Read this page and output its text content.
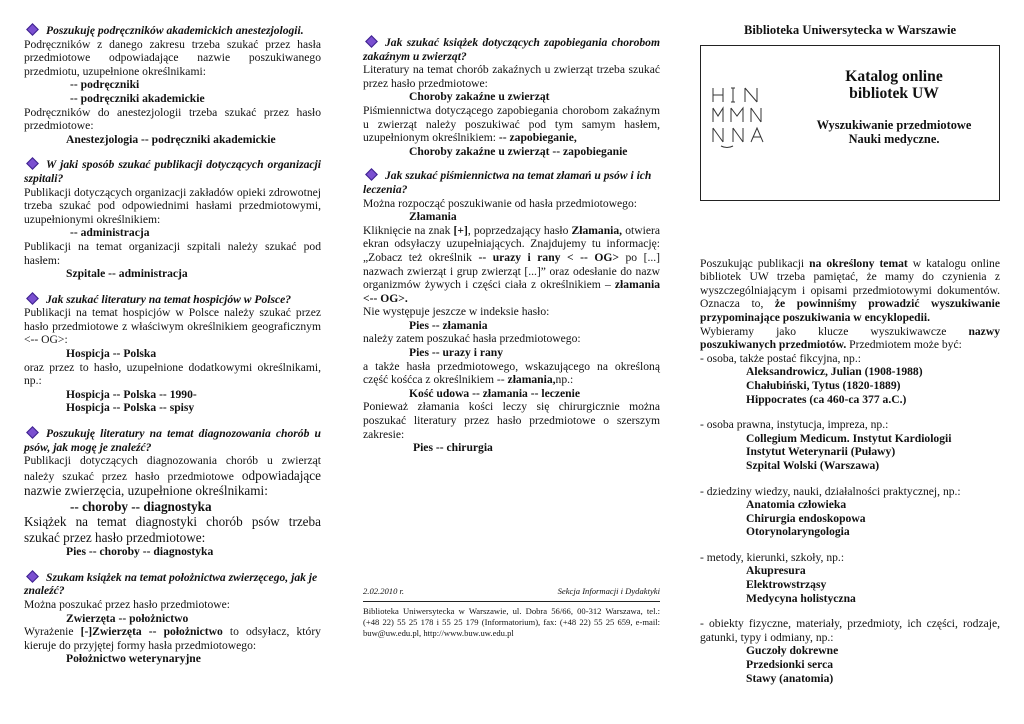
Poszukuję podręczników akademickich anestezjologii.
Podręczników z danego zakresu trzeba szukać przez hasła przedmiotowe odpowiadające nazwie poszukiwanego przedmiotu, uzupełnione określnikami:
-- podręczniki
-- podręczniki akademickie
Podręczników do anestezjologii trzeba szukać przez hasło przedmiotowe:
Anestezjologia -- podręczniki akademickie
W jaki sposób szukać publikacji dotyczących organizacji szpitali?
Publikacji dotyczących organizacji zakładów opieki zdrowotnej trzeba szukać pod odpowiednimi hasłami przedmiotowymi, uzupełnionymi określnikiem:
-- administracja
Publikacji na temat organizacji szpitali należy szukać pod hasłem:
Szpitale -- administracja
Jak szukać literatury na temat hospicjów w Polsce?
Publikacji na temat hospicjów w Polsce należy szukać przez hasło przedmiotowe z właściwym określnikiem geograficznym <-- OG>:
Hospicja -- Polska
oraz przez to hasło, uzupełnione dodatkowymi określnikami, np.:
Hospicja -- Polska -- 1990-
Hospicja -- Polska -- spisy
Poszukuję literatury na temat diagnozowania chorób u psów, jak mogę je znaleźć?
Publikacji dotyczących diagnozowania chorób u zwierząt należy szukać przez hasło przedmiotowe odpowiadające nazwie zwierzęcia, uzupełnione określnikami:
-- choroby -- diagnostyka
Książek na temat diagnostyki chorób psów trzeba szukać przez hasło przedmiotowe:
Pies -- choroby -- diagnostyka
Szukam książek na temat położnictwa zwierzęcego, jak je znaleźć?
Można poszukać przez hasło przedmiotowe:
Zwierzęta -- położnictwo
Wyrażenie [-]Zwierzęta -- położnictwo to odsyłacz, który kieruje do przyjętej formy hasła przedmiotowego:
Położnictwo weterynaryjne
Jak szukać książek dotyczących zapobiegania chorobom zakaźnym u zwierząt?
Literatury na temat chorób zakaźnych u zwierząt trzeba szukać przez hasło przedmiotowe:
Choroby zakaźne u zwierząt
Piśmiennictwa dotyczącego zapobiegania chorobom zakaźnym u zwierząt należy poszukiwać pod tym samym hasłem, uzupełnionym określnikiem: -- zapobieganie,
Choroby zakaźne u zwierząt -- zapobieganie
Jak szukać piśmiennictwa na temat złamań u psów i ich leczenia?
Można rozpocząć poszukiwanie od hasła przedmiotowego:
Złamania
Kliknięcie na znak [+], poprzedzający hasło Złamania, otwiera ekran odsyłaczy uzupełniających. Znajdujemy tu informację: „Zobacz też określnik -- urazy i rany < -- OG> po [...] nazwach zwierząt i grup zwierząt [...]” oraz odesłanie do nazw organizmów żywych i części ciała z określnikiem – złamania <-- OG>.
Nie występuje jeszcze w indeksie hasło:
Pies -- złamania
należy zatem poszukać hasła przedmiotowego:
Pies -- urazy i rany
a także hasła przedmiotowego, wskazującego na określoną część kośćca z określnikiem -- złamania,np.:
Kość udowa -- złamania -- leczenie
Ponieważ złamania kości leczy się chirurgicznie można poszukać literatury przez hasło przedmiotowe o szerszym zakresie:
Pies -- chirurgia
2.02.2010 r.	Sekcja Informacji i Dydaktyki
Biblioteka Uniwersytecka w Warszawie, ul. Dobra 56/66, 00-312 Warszawa, tel.: (+48 22) 55 25 178 i 55 25 179 (Informatorium), fax: (+48 22) 55 25 659, e-mail: buw@uw.edu.pl, http://www.buw.uw.edu.pl
Biblioteka Uniwersytecka w Warszawie
Katalog online
bibliotek UW
Wyszukiwanie przedmiotowe
Nauki medyczne.
Poszukując publikacji na określony temat w katalogu online bibliotek UW trzeba pamiętać, że mamy do czynienia z wyszczególniającym i opisami przedmiotowymi dokumentów. Oznacza to, że powinniśmy prowadzić wyszukiwanie przypominające poszukiwania w encyklopedii.
Wybieramy jako klucze wyszukiwawcze nazwy poszukiwanych przedmiotów. Przedmiotem może być:
- osoba, także postać fikcyjna, np.:
Aleksandrowicz, Julian (1908-1988)
Chałubiński, Tytus (1820-1889)
Hippocrates (ca 460-ca 377 a.C.)
- osoba prawna, instytucja, impreza, np.:
Collegium Medicum. Instytut Kardiologii
Instytut Weterynarii (Puławy)
Szpital Wolski (Warszawa)
- dziedziny wiedzy, nauki, działalności praktycznej, np.:
Anatomia człowieka
Chirurgia endoskopowa
Otorynolaryngologia
- metody, kierunki, szkoły, np.:
Akupresura
Elektrowstrząsy
Medycyna holistyczna
- obiekty fizyczne, materiały, przedmioty, ich części, rodzaje, gatunki, typy i odmiany, np.:
Guczoły dokrewne
Przedsionki serca
Stawy (anatomia)
